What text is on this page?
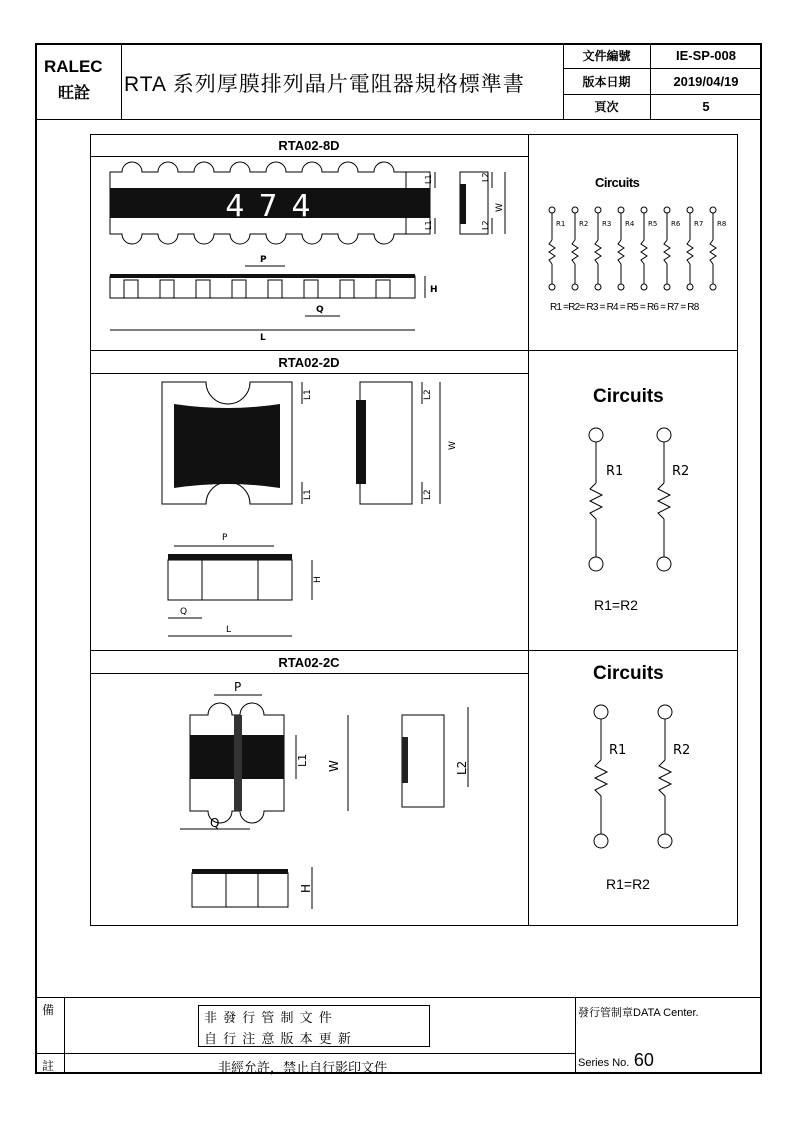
RALEC
旺詮 RTA 系列厚膜排列晶片電阻器規格標準書
文件編號	IE-SP-008
版本日期	2019/04/19
頁次	5
RTA02-8D
RTA02-2D
RTA02-2C
474
L1
L1
L2
L2
W
P
H
Q
L
Circuits
R1 R2 R3 R4 R5 R6 R7 R8
R1 =R2= R3 = R4 = R5 = R6 = R7 = R8
L1
L1
L2
L2
W
P
H
Q
L
Circuits
R1	R2
R1=R2
P
L1 W	L2
Q
H
Circuits
R1	R2
R1=R2
備
註
非 發 行 管 制 文 件
自 行 注 意 版 本 更 新
非經允許，禁止自行影印文件
發行管制章DATA Center.
Series No. 60
